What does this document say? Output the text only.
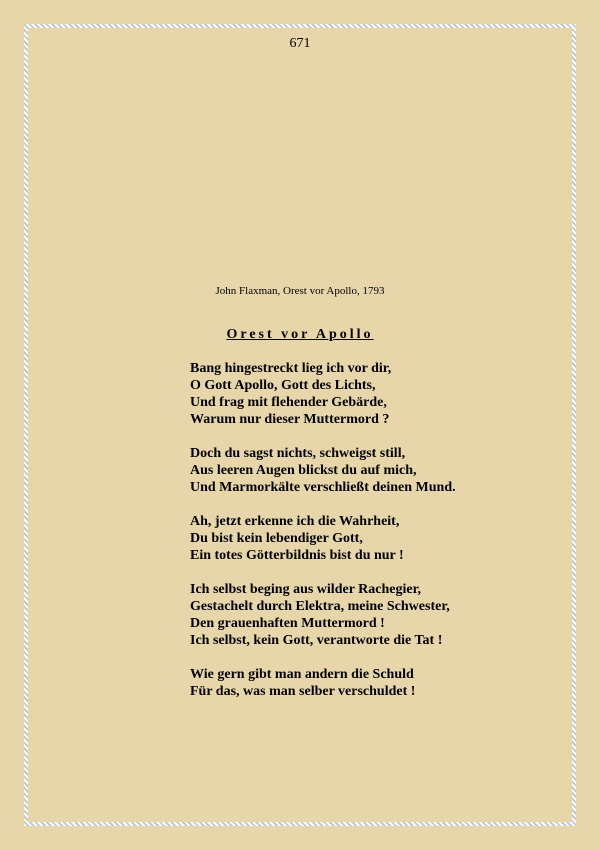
671
John Flaxman, Orest vor Apollo, 1793
Orest vor Apollo
Bang hingestreckt lieg ich vor dir,
O Gott Apollo, Gott des Lichts,
Und frag mit flehender Gebärde,
Warum nur dieser Muttermord ?
Doch du sagst nichts, schweigst still,
Aus leeren Augen blickst du auf mich,
Und Marmorkälte verschließt deinen Mund.
Ah, jetzt erkenne ich die Wahrheit,
Du bist kein lebendiger Gott,
Ein totes Götterbildnis bist du nur !
Ich selbst beging aus wilder Rachegier,
Gestachelt durch Elektra, meine Schwester,
Den grauenhaften Muttermord !
Ich selbst, kein Gott, verantworte die Tat !
Wie gern gibt man andern die Schuld
Für das, was man selber verschuldet !
